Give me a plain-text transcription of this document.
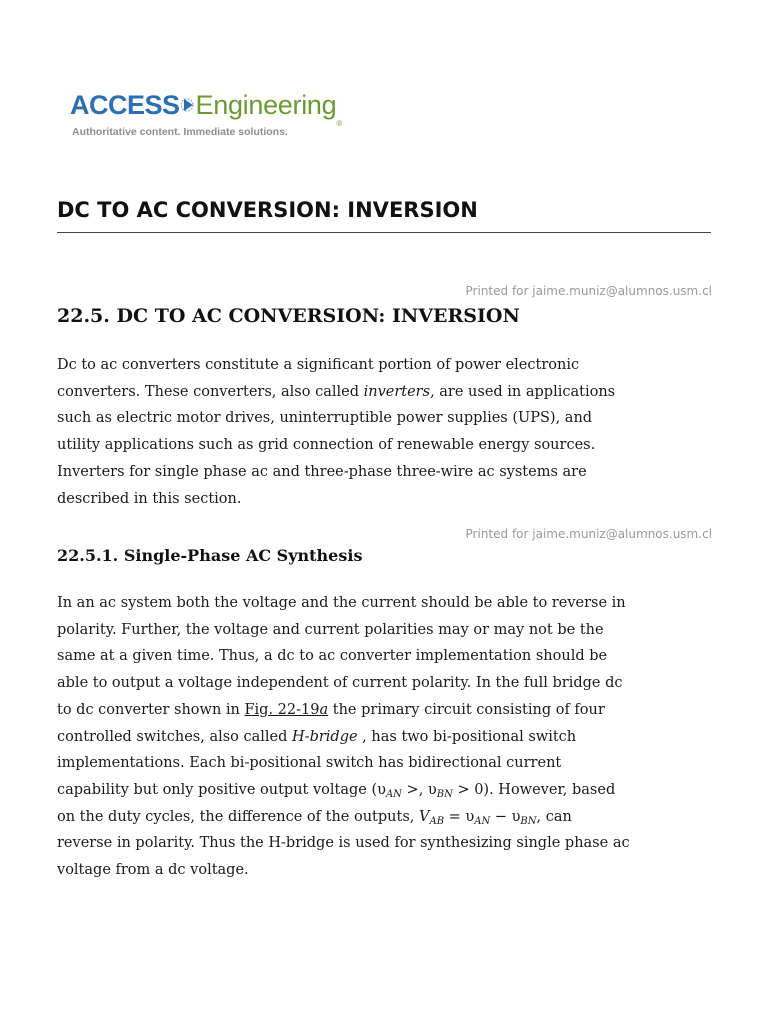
ACCESS Engineering$_®$
Authoritative content. Immediate solutions.
DC TO AC CONVERSION: INVERSION
Printed for jaime.muniz@alumnos.usm.cl
22.5. DC TO AC CONVERSION: INVERSION
Dc to ac converters constitute a significant portion of power electronic
converters. These converters, also called inverters, are used in applications
such as electric motor drives, uninterruptible power supplies (UPS), and
utility applications such as grid connection of renewable energy sources.
Inverters for single phase ac and three-phase three-wire ac systems are
described in this section.
Printed for jaime.muniz@alumnos.usm.cl
22.5.1. Single-Phase AC Synthesis
In an ac system both the voltage and the current should be able to reverse in
polarity. Further, the voltage and current polarities may or may not be the
same at a given time. Thus, a dc to ac converter implementation should be
able to output a voltage independent of current polarity. In the full bridge dc
to dc converter shown in Fig. 22-19a the primary circuit consisting of four
controlled switches, also called H-bridge , has two bi-positional switch
implementations. Each bi-positional switch has bidirectional current
capability but only positive output voltage ($\upsilon_{AN}$ >, $\upsilon_{BN} > 0$). However, based
on the duty cycles, the difference of the outputs, $V_{AB} = \upsilon_{AN} - \upsilon_{BN}$, can
reverse in polarity. Thus the H-bridge is used for synthesizing single phase ac
voltage from a dc voltage.
